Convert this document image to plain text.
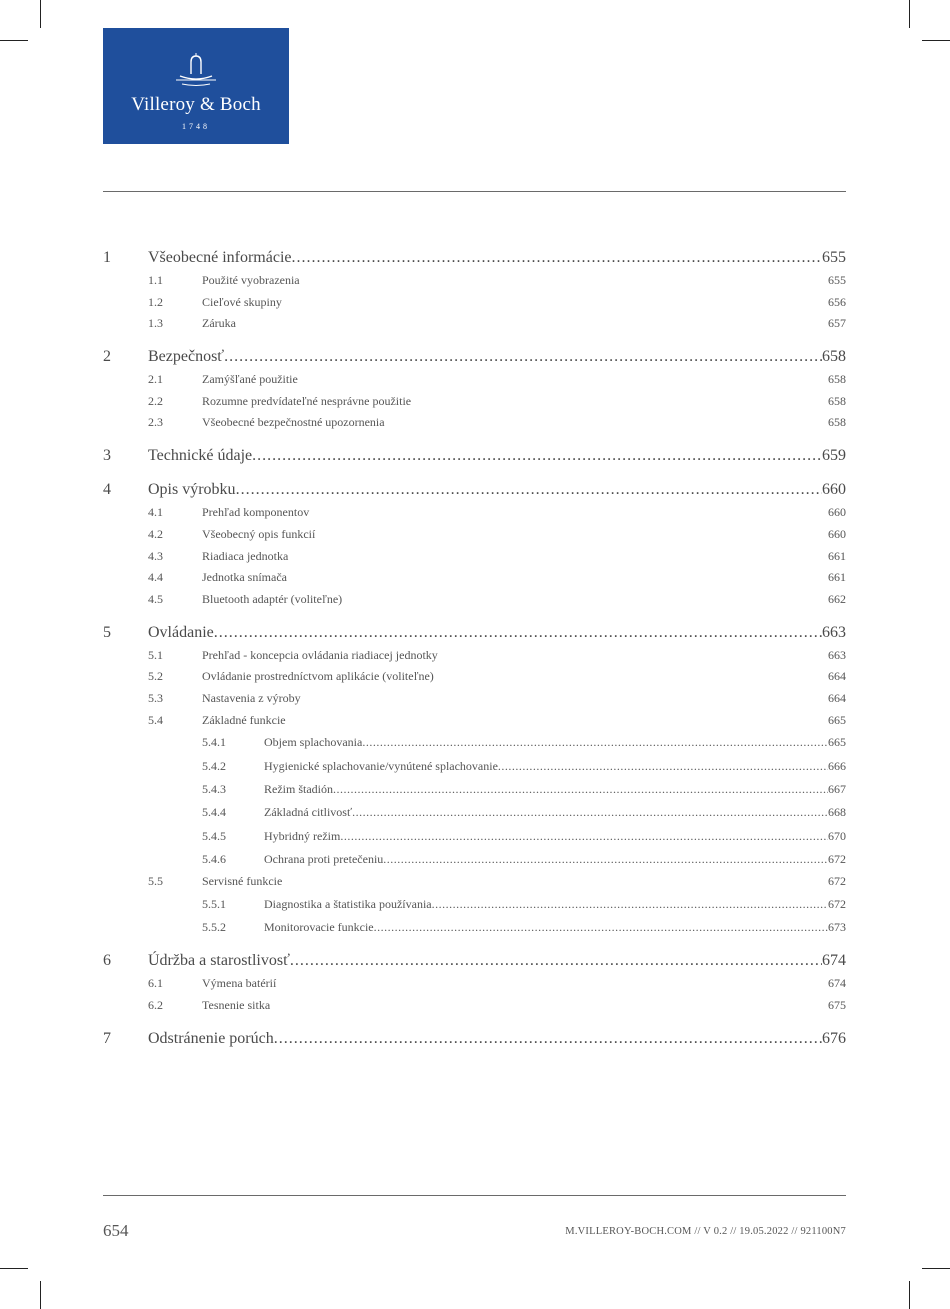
Villeroy & Boch
1748
1	Všeobecné informácie .....	655
1.1	Použité vyobrazenia	655
1.2	Cieľové skupiny	656
1.3	Záruka	657
2	Bezpečnosť .....	658
2.1	Zamýšľané použitie	658
2.2	Rozumne predvídateľné nesprávne použitie	658
2.3	Všeobecné bezpečnostné upozornenia	658
3	Technické údaje .....	659
4	Opis výrobku .....	660
4.1	Prehľad komponentov	660
4.2	Všeobecný opis funkcií	660
4.3	Riadiaca jednotka	661
4.4	Jednotka snímača	661
4.5	Bluetooth adaptér (voliteľne)	662
5	Ovládanie .....	663
5.1	Prehľad - koncepcia ovládania riadiacej jednotky	663
5.2	Ovládanie prostredníctvom aplikácie (voliteľne)	664
5.3	Nastavenia z výroby	664
5.4	Základné funkcie	665
5.4.1	Objem splachovania .....	665
5.4.2	Hygienické splachovanie/vynútené splachovanie .....	666
5.4.3	Režim štadión .....	667
5.4.4	Základná citlivosť .....	668
5.4.5	Hybridný režim .....	670
5.4.6	Ochrana proti pretečeniu .....	672
5.5	Servisné funkcie	672
5.5.1	Diagnostika a štatistika používania .....	672
5.5.2	Monitorovacie funkcie .....	673
6	Údržba a starostlivosť .....	674
6.1	Výmena batérií	674
6.2	Tesnenie sitka	675
7	Odstránenie porúch .....	676
654	M.VILLEROY-BOCH.COM // V 0.2 // 19.05.2022 // 921100N7
